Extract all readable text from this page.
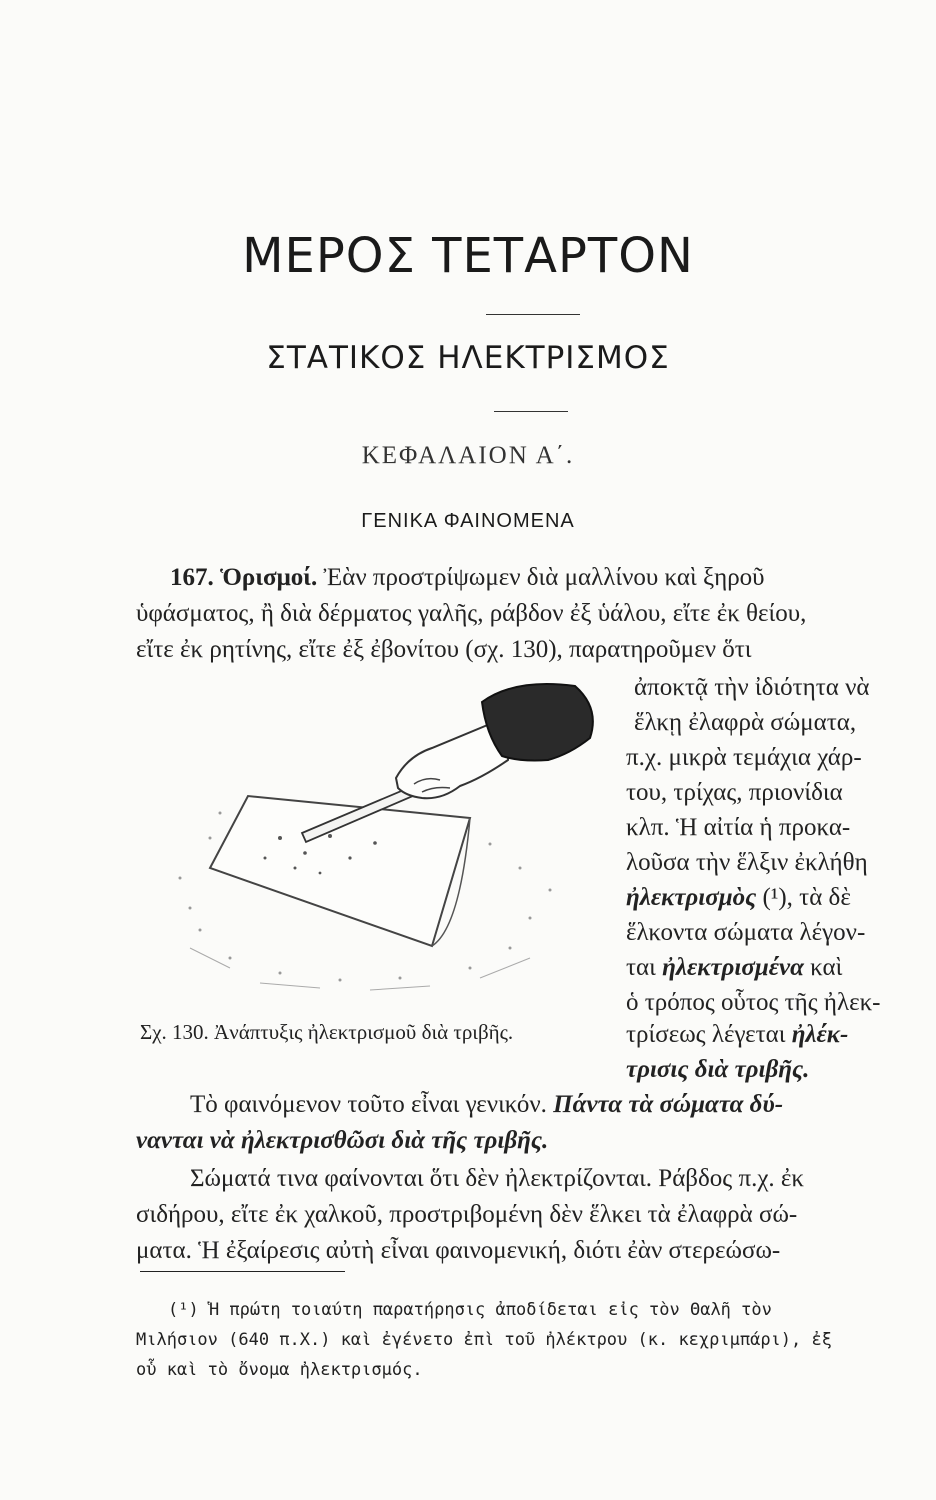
ΜΕΡΟΣ ΤΕΤΑΡΤΟΝ
ΣΤΑΤΙΚΟΣ ΗΛΕΚΤΡΙΣΜΟΣ
ΚΕΦΑΛΑΙΟΝ Α΄.
ΓΕΝΙΚΑ ΦΑΙΝΟΜΕΝΑ
167. Ὁρισμοί. Ἐὰν προστρίψωμεν διὰ μαλλίνου καὶ ξηροῦ
ὑφάσματος, ἢ διὰ δέρματος γαλῆς, ράβδον ἐξ ὑάλου, εἴτε ἐκ θείου,
εἴτε ἐκ ρητίνης, εἴτε ἐξ ἐβονίτου (σχ. 130), παρατηροῦμεν ὅτι
ἀποκτᾷ τὴν ἰδιότητα νὰ
ἕλκῃ ἐλαφρὰ σώματα,
π.χ. μικρὰ τεμάχια χάρ-
του, τρίχας, πριονίδια
κλπ. Ἡ αἰτία ἡ προκα-
λοῦσα τὴν ἕλξιν ἐκλήθη
ἠλεκτρισμὸς (¹), τὰ δὲ
ἕλκοντα σώματα λέγον-
ται ἠλεκτρισμένα καὶ
ὁ τρόπος οὗτος τῆς ἠλεκ-
τρίσεως λέγεται ἠλέκ-
τρισις διὰ τριβῆς.
Σχ. 130. Ἀνάπτυξις ἠλεκτρισμοῦ διὰ τριβῆς.
Τὸ φαινόμενον τοῦτο εἶναι γενικόν. Πάντα τὰ σώματα δύ-
νανται νὰ ἠλεκτρισθῶσι διὰ τῆς τριβῆς.
Σώματά τινα φαίνονται ὅτι δὲν ἠλεκτρίζονται. Ράβδος π.χ. ἐκ
σιδήρου, εἴτε ἐκ χαλκοῦ, προστριβομένη δὲν ἕλκει τὰ ἐλαφρὰ σώ-
ματα. Ἡ ἐξαίρεσις αὐτὴ εἶναι φαινομενική, διότι ἐὰν στερεώσω-
(¹) Ἡ πρώτη τοιαύτη παρατήρησις ἀποδίδεται εἰς τὸν Θαλῆ τὸν
Μιλήσιον (640 π.Χ.) καὶ ἐγένετο ἐπὶ τοῦ ἠλέκτρου (κ. κεχριμπάρι), ἐξ
οὗ καὶ τὸ ὄνομα ἠλεκτρισμός.
